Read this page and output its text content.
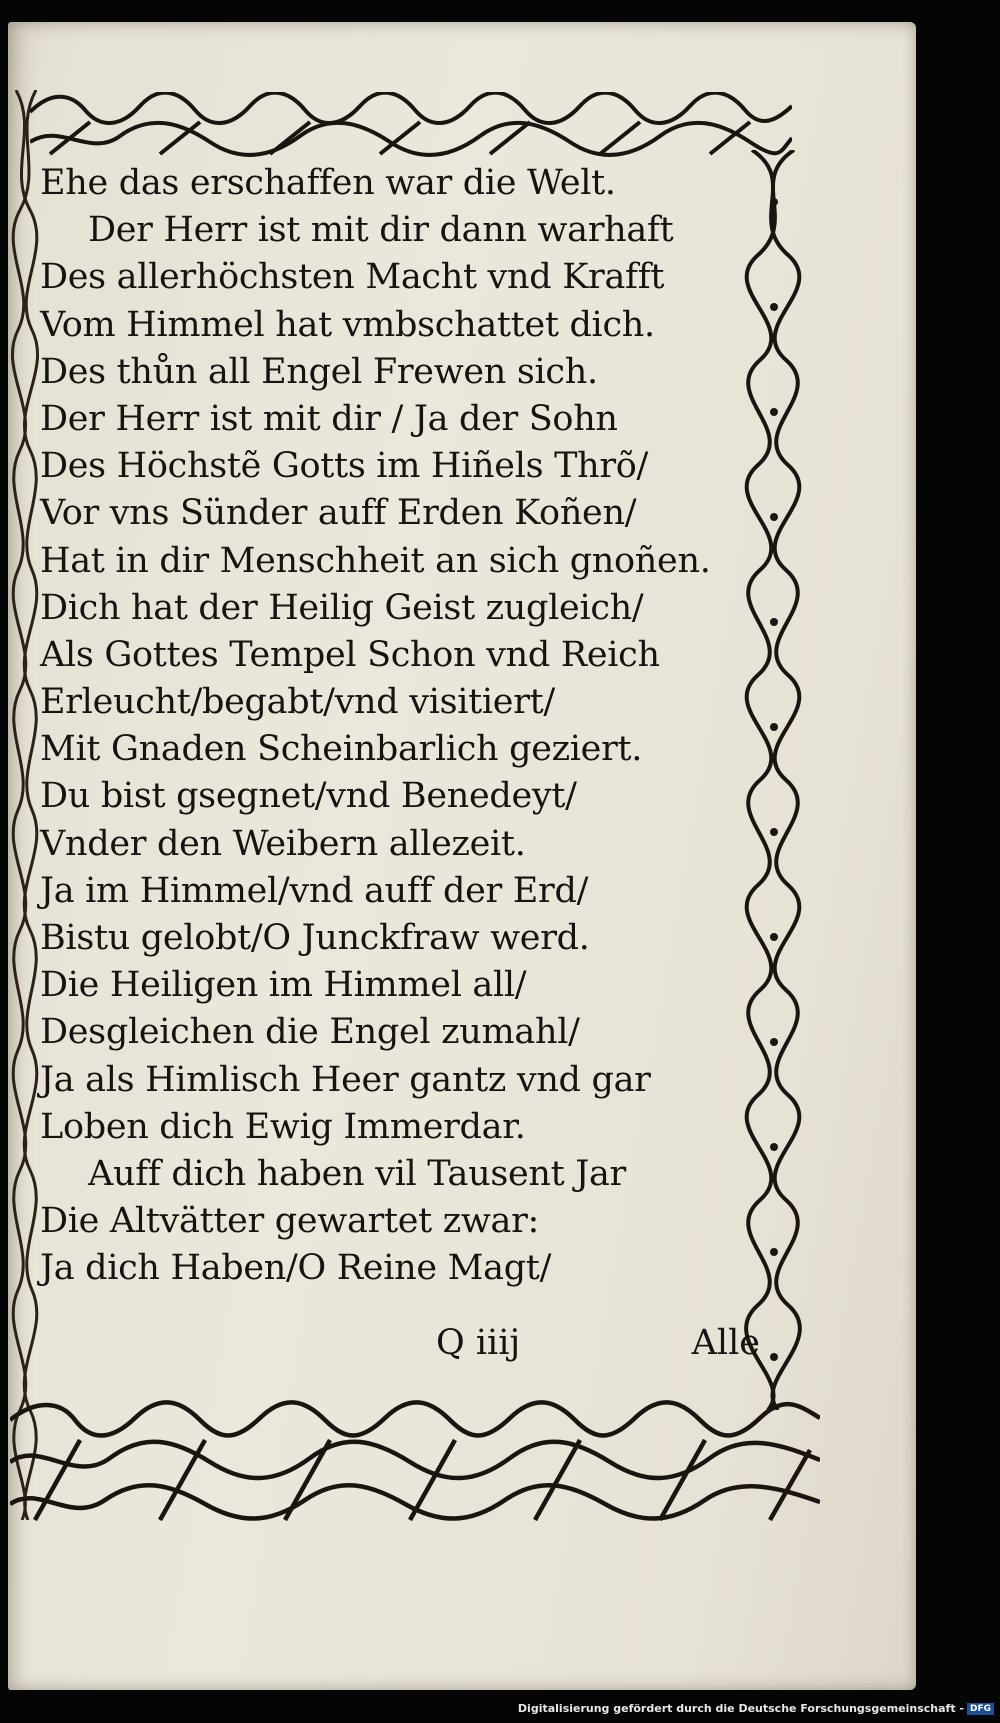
Ehe das erschaffen war die Welt.
Der Herr ist mit dir dann warhaft
Des allerhöchsten Macht vnd Krafft
Vom Himmel hat vmbschattet dich.
Des thůn all Engel Frewen sich.
Der Herr ist mit dir / Ja der Sohn
Des Höchstẽ Gotts im Hiñels Thrõ/
Vor vns Sünder auff Erden Koñen/
Hat in dir Menschheit an sich gnoñen.
Dich hat der Heilig Geist zugleich/
Als Gottes Tempel Schon vnd Reich
Erleucht/begabt/vnd visitiert/
Mit Gnaden Scheinbarlich geziert.
Du bist gsegnet/vnd Benedeyt/
Vnder den Weibern allezeit.
Ja im Himmel/vnd auff der Erd/
Bistu gelobt/O Junckfraw werd.
Die Heiligen im Himmel all/
Desgleichen die Engel zumahl/
Ja als Himlisch Heer gantz vnd gar
Loben dich Ewig Immerdar.
Auff dich haben vil Tausent Jar
Die Altvätter gewartet zwar:
Ja dich Haben/O Reine Magt/
Q iiij	Alle
Digitalisierung gefördert durch die Deutsche Forschungsgemeinschaft - DFG
